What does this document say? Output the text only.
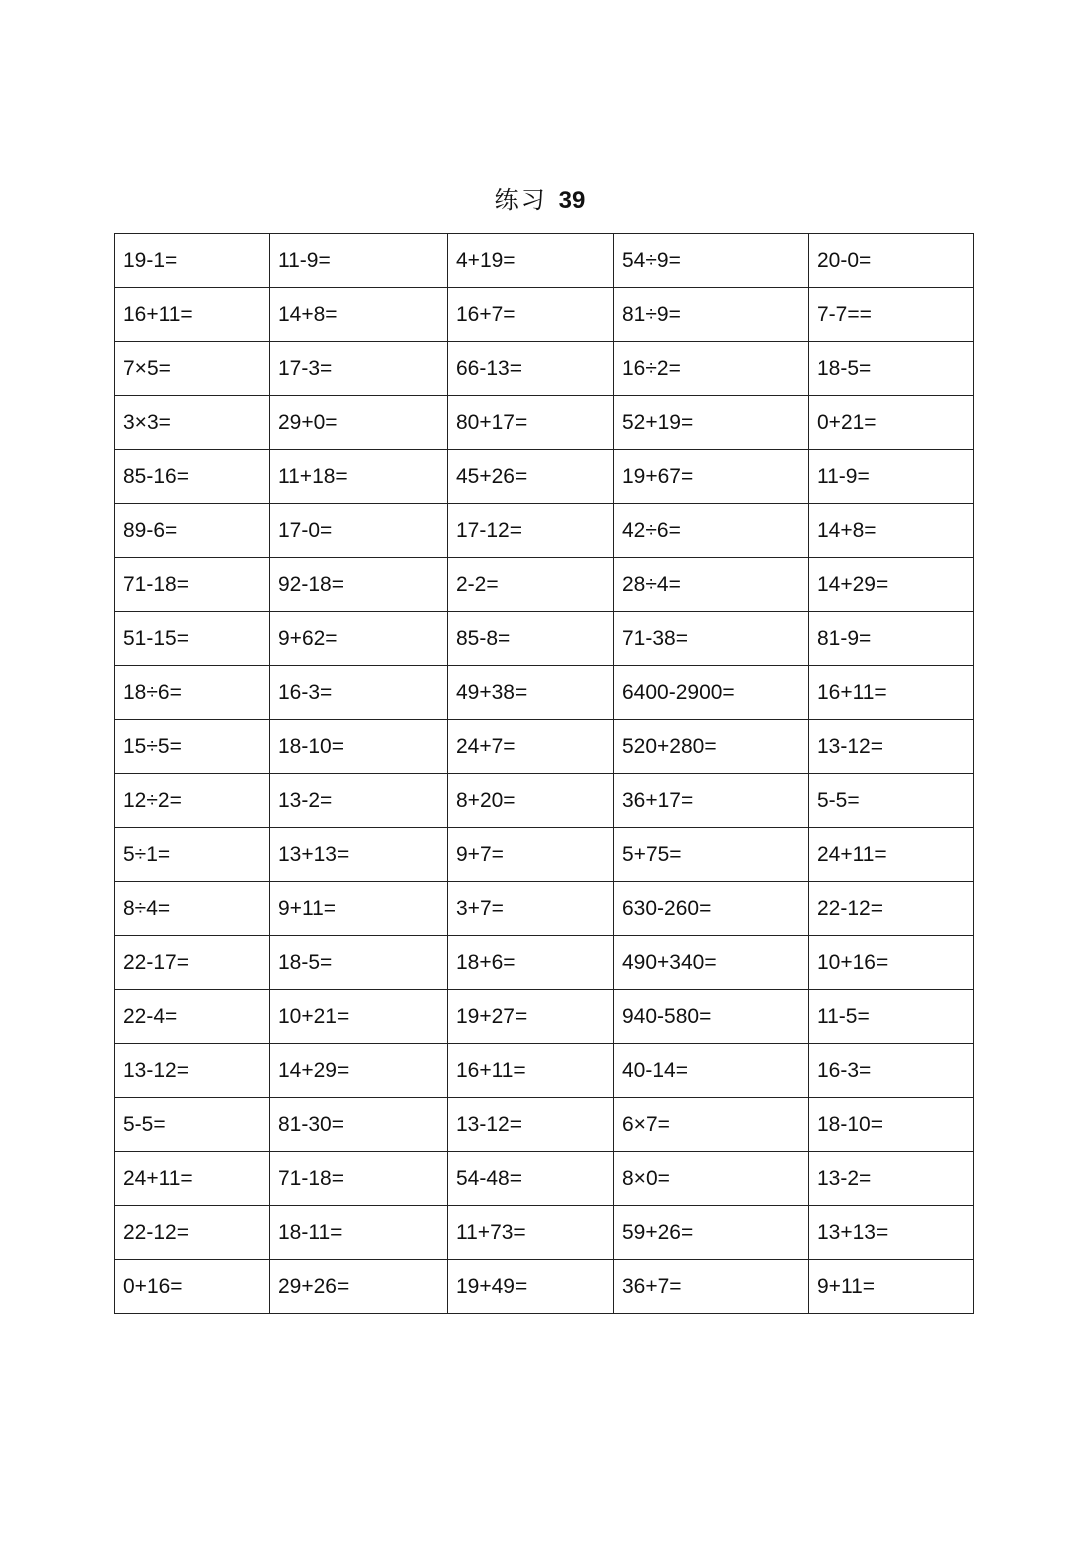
练习 39
19-1=	11-9=	4+19=	54÷9=	20-0=
16+11=	14+8=	16+7=	81÷9=	7-7==
7×5=	17-3=	66-13=	16÷2=	18-5=
3×3=	29+0=	80+17=	52+19=	0+21=
85-16=	11+18=	45+26=	19+67=	11-9=
89-6=	17-0=	17-12=	42÷6=	14+8=
71-18=	92-18=	2-2=	28÷4=	14+29=
51-15=	9+62=	85-8=	71-38=	81-9=
18÷6=	16-3=	49+38=	6400-2900=	16+11=
15÷5=	18-10=	24+7=	520+280=	13-12=
12÷2=	13-2=	8+20=	36+17=	5-5=
5÷1=	13+13=	9+7=	5+75=	24+11=
8÷4=	9+11=	3+7=	630-260=	22-12=
22-17=	18-5=	18+6=	490+340=	10+16=
22-4=	10+21=	19+27=	940-580=	11-5=
13-12=	14+29=	16+11=	40-14=	16-3=
5-5=	81-30=	13-12=	6×7=	18-10=
24+11=	71-18=	54-48=	8×0=	13-2=
22-12=	18-11=	11+73=	59+26=	13+13=
0+16=	29+26=	19+49=	36+7=	9+11=
